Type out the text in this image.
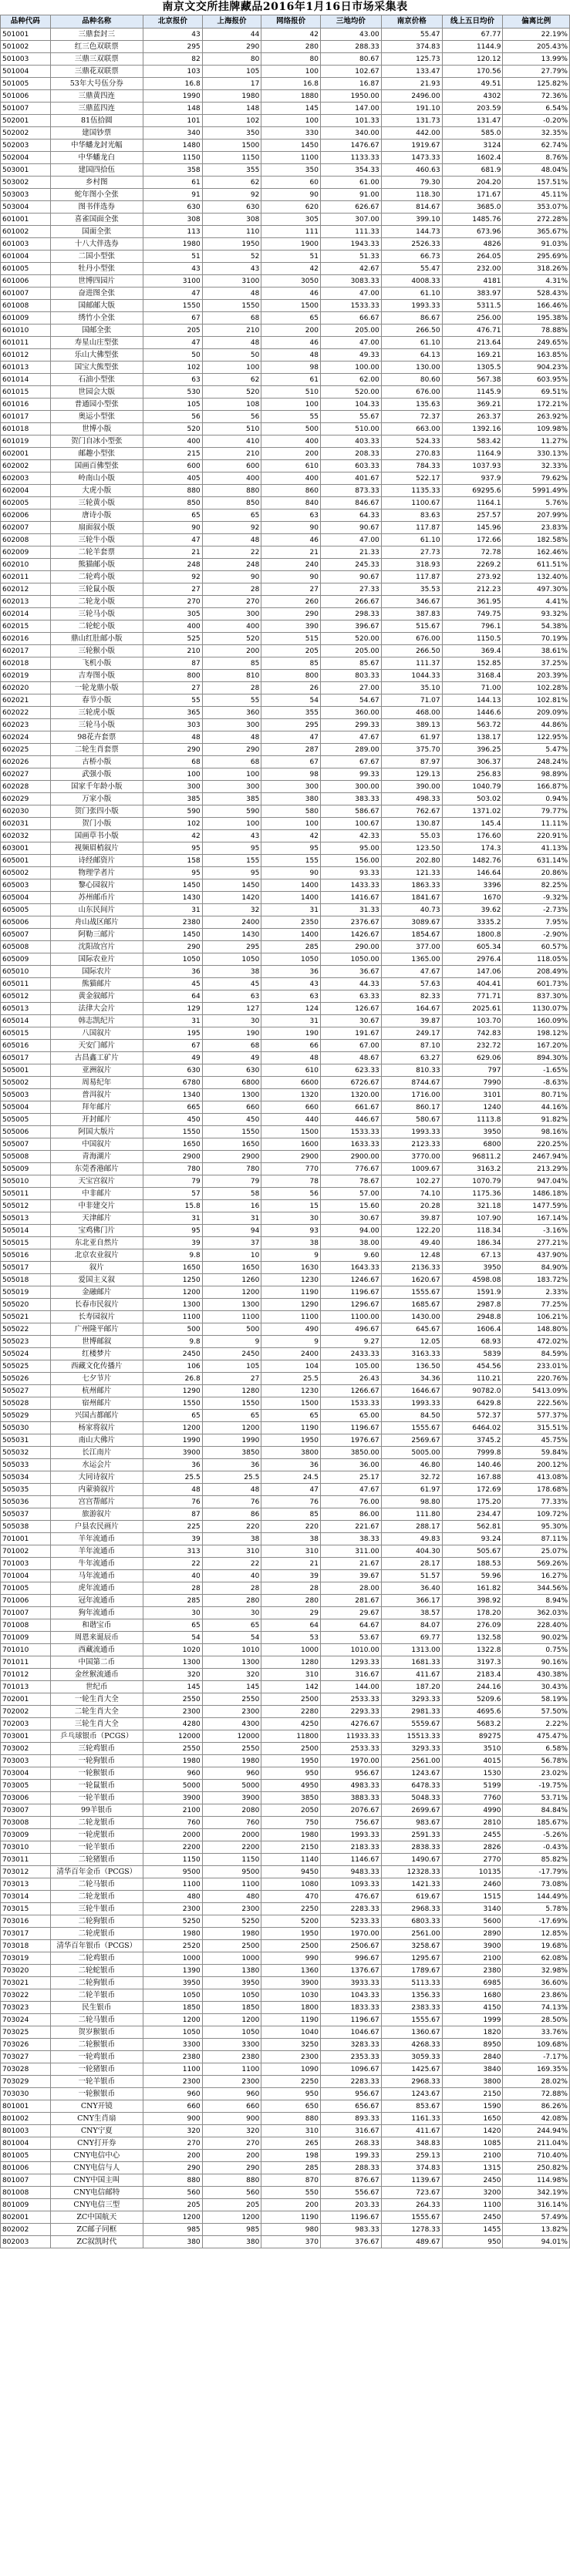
南京文交所挂牌藏品2016年1月16日市场采集表
品种代码	品种名称	北京报价	上海报价	网络报价	三地均价	南京价格	线上五日均价	偏离比例
501001	三鼎套封三	43	44	42	43.00	55.47	67.77	22.19%
501002	红三色双联票	295	290	280	288.33	374.83	1144.9	205.43%
501003	三鼎三双联票	82	80	80	80.67	125.73	120.12	13.99%
501004	三鼎花双联票	103	105	100	102.67	133.47	170.56	27.79%
501005	53年大号伍分券	16.8	17	16.8	16.87	21.93	49.51	125.82%
501006	三鼎黄四连	1990	1980	1880	1950.00	2496.00	4302	72.36%
501007	三鼎蓝四连	148	148	145	147.00	191.10	203.59	6.54%
502001	81伍拾圆	101	102	100	101.33	131.73	131.47	-0.20%
502002	建国钞票	340	350	330	340.00	442.00	585.0	32.35%
502003	中华蟠龙封光幅	1480	1500	1450	1476.67	1919.67	3124	62.74%
502004	中华蟠龙白	1150	1150	1100	1133.33	1473.33	1602.4	8.76%
503001	建国四拾伍	358	355	350	354.33	460.63	681.9	48.04%
503002	乡村图	61	62	60	61.00	79.30	204.20	157.51%
503003	蛇年图小全张	91	92	90	91.00	118.30	171.67	45.11%
503004	图书伴选券	630	630	620	626.67	814.67	3685.0	353.07%
601001	喜雀国面全张	308	308	305	307.00	399.10	1485.76	272.28%
601002	国面全张	113	110	111	111.33	144.73	673.96	365.67%
601003	十八大伴选券	1980	1950	1900	1943.33	2526.33	4826	91.03%
601004	二国小型张	51	52	51	51.33	66.73	264.05	295.69%
601005	牡丹小型张	43	43	42	42.67	55.47	232.00	318.26%
601006	世博四园片	3100	3100	3050	3083.33	4008.33	4181	4.31%
601007	奋进图全张	47	48	46	47.00	61.10	383.97	528.43%
601008	国邮邮大版	1550	1550	1500	1533.33	1993.33	5311.5	166.46%
601009	绣竹小全张	67	68	65	66.67	86.67	256.00	195.38%
601010	国邮全张	205	210	200	205.00	266.50	476.71	78.88%
601011	寿星山庄型张	47	48	46	47.00	61.10	213.64	249.65%
601012	乐山大佛型张	50	50	48	49.33	64.13	169.21	163.85%
601013	国宝大熊型张	102	100	98	100.00	130.00	1305.5	904.23%
601014	石油小型张	63	62	61	62.00	80.60	567.38	603.95%
601015	世园会大版	530	520	510	520.00	676.00	1145.9	69.51%
601016	普通园小型张	105	108	100	104.33	135.63	369.21	172.21%
601017	奥运小型张	56	56	55	55.67	72.37	263.37	263.92%
601018	世博小版	520	510	500	510.00	663.00	1392.16	109.98%
601019	贺门自冰小型张	400	410	400	403.33	524.33	583.42	11.27%
602001	邮趣小型张	215	210	200	208.33	270.83	1164.9	330.13%
602002	国画百佛型张	600	600	610	603.33	784.33	1037.93	32.33%
602003	岭南山小版	405	400	400	401.67	522.17	937.9	79.62%
602004	大虎小版	880	880	860	873.33	1135.33	69295.6	5991.49%
602005	三轮黄小版	850	850	840	846.67	1100.67	1164.1	5.76%
602006	唐诗小版	65	65	63	64.33	83.63	257.57	207.99%
602007	扇面叙小版	90	92	90	90.67	117.87	145.96	23.83%
602008	三轮牛小版	47	48	46	47.00	61.10	172.66	182.58%
602009	二轮羊套票	21	22	21	21.33	27.73	72.78	162.46%
602010	熊猫邮小版	248	248	240	245.33	318.93	2269.2	611.51%
602011	二轮鸡小版	92	90	90	90.67	117.87	273.92	132.40%
602012	三轮鼠小版	27	28	27	27.33	35.53	212.23	497.30%
602013	二轮龙小版	270	270	260	266.67	346.67	361.95	4.41%
602014	三轮马小版	305	300	290	298.33	387.83	749.75	93.32%
602015	二轮蛇小版	400	400	390	396.67	515.67	796.1	54.38%
602016	鼎山红肚邮小版	525	520	515	520.00	676.00	1150.5	70.19%
602017	三轮猴小版	210	200	205	205.00	266.50	369.4	38.61%
602018	飞机小版	87	85	85	85.67	111.37	152.85	37.25%
602019	吉寿图小版	800	810	800	803.33	1044.33	3168.4	203.39%
602020	一轮龙鼎小版	27	28	26	27.00	35.10	71.00	102.28%
602021	春节小版	55	55	54	54.67	71.07	144.13	102.81%
602022	三轮虎小版	365	360	355	360.00	468.00	1446.6	209.09%
602023	三轮马小版	303	300	295	299.33	389.13	563.72	44.86%
602024	98花卉套票	48	48	47	47.67	61.97	138.17	122.95%
602025	二轮生肖套票	290	290	287	289.00	375.70	396.25	5.47%
602026	古桥小版	68	68	67	67.67	87.97	306.37	248.24%
602027	武强小版	100	100	98	99.33	129.13	256.83	98.89%
602028	国家千年龄小版	300	300	300	300.00	390.00	1040.79	166.87%
602029	万家小版	385	385	380	383.33	498.33	503.02	0.94%
602030	贺门张四小版	590	590	580	586.67	762.67	1371.02	79.77%
602031	贺门小版	102	100	100	100.67	130.87	145.4	11.11%
602032	国画草书小版	42	43	42	42.33	55.03	176.60	220.91%
603001	视频眉梢叙片	95	95	95	95.00	123.50	174.3	41.13%
605001	诗经邮资片	158	155	155	156.00	202.80	1482.76	631.14%
605002	物理学者片	95	95	90	93.33	121.33	146.64	20.86%
605003	黎心园叙片	1450	1450	1400	1433.33	1863.33	3396	82.25%
605004	苏州邮币片	1430	1420	1400	1416.67	1841.67	1670	-9.32%
605005	山东民间片	31	32	31	31.33	40.73	39.62	-2.73%
605006	舟山战区邮片	2380	2400	2350	2376.67	3089.67	3335.2	7.95%
605007	阿勒三邮片	1450	1430	1400	1426.67	1854.67	1800.8	-2.90%
605008	沈阳故宫片	290	295	285	290.00	377.00	605.34	60.57%
605009	国际农业片	1050	1050	1050	1050.00	1365.00	2976.4	118.05%
605010	国际农片	36	38	36	36.67	47.67	147.06	208.49%
605011	熊猫邮片	45	45	43	44.33	57.63	404.41	601.73%
605012	黄金叙邮片	64	63	63	63.33	82.33	771.71	837.30%
605013	法律大会片	129	127	124	126.67	164.67	2025.61	1130.07%
605014	韩志凯纪片	31	30	31	30.67	39.87	103.70	160.09%
605015	八国叙片	195	190	190	191.67	249.17	742.83	198.12%
605016	天安门邮片	67	68	66	67.00	87.10	232.72	167.20%
605017	古昌鑫工矿片	49	49	48	48.67	63.27	629.06	894.30%
505001	亚洲叙片	630	630	610	623.33	810.33	797	-1.65%
505002	周易纪年	6780	6800	6600	6726.67	8744.67	7990	-8.63%
505003	普洱叙片	1340	1300	1320	1320.00	1716.00	3101	80.71%
505004	拜年邮片	665	660	660	661.67	860.17	1240	44.16%
505005	开封邮片	450	450	440	446.67	580.67	1113.8	91.82%
505006	阿国大版片	1550	1550	1500	1533.33	1993.33	3950	98.16%
505007	中国叙片	1650	1650	1600	1633.33	2123.33	6800	220.25%
505008	青海湖片	2900	2900	2900	2900.00	3770.00	96811.2	2467.94%
505009	东莞香港邮片	780	780	770	776.67	1009.67	3163.2	213.29%
505010	天宝宫叙片	79	79	78	78.67	102.27	1070.79	947.04%
505011	中非邮片	57	58	56	57.00	74.10	1175.36	1486.18%
505012	中非建交片	15.8	16	15	15.60	20.28	321.18	1477.59%
505013	天津邮片	31	31	30	30.67	39.87	107.90	167.14%
505014	宝鸡佛门片	95	94	93	94.00	122.20	118.34	-3.16%
505015	东北亚自然片	39	37	38	38.00	49.40	186.34	277.21%
505016	北京农业叙片	9.8	10	9	9.60	12.48	67.13	437.90%
505017	叙片	1650	1650	1630	1643.33	2136.33	3950	84.90%
505018	爱国主义叙	1250	1260	1230	1246.67	1620.67	4598.08	183.72%
505019	金融邮片	1200	1200	1190	1196.67	1555.67	1591.9	2.33%
505020	长春市民叙片	1300	1300	1290	1296.67	1685.67	2987.8	77.25%
505021	长寿园叙片	1100	1100	1100	1100.00	1430.00	2948.8	106.21%
505022	广州隆平邮片	500	500	490	496.67	645.67	1606.4	148.80%
505023	世博邮叙	9.8	9	9	9.27	12.05	68.93	472.02%
505024	红楼梦片	2450	2450	2400	2433.33	3163.33	5839	84.59%
505025	西藏文化传播片	106	105	104	105.00	136.50	454.56	233.01%
505026	七夕节片	26.8	27	25.5	26.43	34.36	110.21	220.76%
505027	杭州邮片	1290	1280	1230	1266.67	1646.67	90782.0	5413.09%
505028	宿州邮片	1550	1550	1500	1533.33	1993.33	6429.8	222.56%
505029	兴国古都邮片	65	65	65	65.00	84.50	572.37	577.37%
505030	杨家将叙片	1200	1200	1190	1196.67	1555.67	6464.02	315.51%
505031	南山大佛片	1990	1990	1950	1976.67	2569.67	3745.2	45.75%
505032	长江南片	3900	3850	3800	3850.00	5005.00	7999.8	59.84%
505033	水运会片	36	36	36	36.00	46.80	140.46	200.12%
505034	大同诗叙片	25.5	25.5	24.5	25.17	32.72	167.88	413.08%
505035	内蒙骑叙片	48	48	47	47.67	61.97	172.69	178.68%
505036	宫宫帮邮片	76	76	76	76.00	98.80	175.20	77.33%
505037	旅游叙片	87	86	85	86.00	111.80	234.47	109.72%
505038	户县农民画片	225	220	220	221.67	288.17	562.81	95.30%
701001	羊年流通币	39	38	38	38.33	49.83	93.24	87.11%
701002	羊年流通币	313	310	310	311.00	404.30	505.67	25.07%
701003	牛年流通币	22	22	21	21.67	28.17	188.53	569.26%
701004	马年流通币	40	40	39	39.67	51.57	59.96	16.27%
701005	虎年流通币	28	28	28	28.00	36.40	161.82	344.56%
701006	冠年流通币	285	280	280	281.67	366.17	398.92	8.94%
701007	狗年流通币	30	30	29	29.67	38.57	178.20	362.03%
701008	和谐宝币	65	65	64	64.67	84.07	276.09	228.40%
701009	周恩来诞辰币	54	54	53	53.67	69.77	132.58	90.02%
701010	西藏流通币	1020	1010	1000	1010.00	1313.00	1322.8	0.75%
701011	中国第二币	1300	1300	1280	1293.33	1681.33	3197.3	90.16%
701012	金丝猴流通币	320	320	310	316.67	411.67	2183.4	430.38%
701013	世纪币	145	145	142	144.00	187.20	244.16	30.43%
702001	一轮生肖大全	2550	2550	2500	2533.33	3293.33	5209.6	58.19%
702002	二轮生肖大全	2300	2300	2280	2293.33	2981.33	4695.6	57.50%
702003	三轮生肖大全	4280	4300	4250	4276.67	5559.67	5683.2	2.22%
703001	乒乓球银币（PCGS）	12000	12000	11800	11933.33	15513.33	89275	475.47%
703002	三轮鸡银币	2550	2550	2500	2533.33	3293.33	3510	6.58%
703003	一轮狗银币	1980	1980	1950	1970.00	2561.00	4015	56.78%
703004	一轮猴银币	960	960	950	956.67	1243.67	1530	23.02%
703005	一轮鼠银币	5000	5000	4950	4983.33	6478.33	5199	-19.75%
703006	一轮羊银币	3900	3900	3850	3883.33	5048.33	7760	53.71%
703007	99羊银币	2100	2080	2050	2076.67	2699.67	4990	84.84%
703008	二轮龙银币	760	760	750	756.67	983.67	2810	185.67%
703009	一轮虎银币	2000	2000	1980	1993.33	2591.33	2455	-5.26%
703010	一轮羊银币	2200	2200	2150	2183.33	2838.33	2826	-0.43%
703011	二轮猪银币	1150	1150	1140	1146.67	1490.67	2770	85.82%
703012	清华百年金币（PCGS）	9500	9500	9450	9483.33	12328.33	10135	-17.79%
703013	二轮马银币	1100	1100	1080	1093.33	1421.33	2460	73.08%
703014	二轮龙银币	480	480	470	476.67	619.67	1515	144.49%
703015	三轮牛银币	2300	2300	2250	2283.33	2968.33	3140	5.78%
703016	二轮狗银币	5250	5250	5200	5233.33	6803.33	5600	-17.69%
703017	二轮虎银币	1980	1980	1950	1970.00	2561.00	2890	12.85%
703018	清华百年银币（PCGS）	2520	2500	2500	2506.67	3258.67	3900	19.68%
703019	二轮鸡银币	1000	1000	990	996.67	1295.67	2100	62.08%
703020	二轮蛇银币	1390	1380	1360	1376.67	1789.67	2380	32.98%
703021	二轮狗银币	3950	3950	3900	3933.33	5113.33	6985	36.60%
703022	二轮羊银币	1050	1050	1030	1043.33	1356.33	1680	23.86%
703023	民生银币	1850	1850	1800	1833.33	2383.33	4150	74.13%
703024	二轮马银币	1200	1200	1190	1196.67	1555.67	1999	28.50%
703025	贺岁猴银币	1050	1050	1040	1046.67	1360.67	1820	33.76%
703026	二轮猴银币	3300	3300	3250	3283.33	4268.33	8950	109.68%
703027	一轮鸡银币	2380	2380	2300	2353.33	3059.33	2840	-7.17%
703028	一轮猪银币	1100	1100	1090	1096.67	1425.67	3840	169.35%
703029	一轮羊银币	2300	2300	2250	2283.33	2968.33	3800	28.02%
703030	一轮猴银币	960	960	950	956.67	1243.67	2150	72.88%
801001	CNY开镜	660	660	650	656.67	853.67	1590	86.26%
801002	CNY生肖扇	900	900	880	893.33	1161.33	1650	42.08%
801003	CNY宁夏	320	320	310	316.67	411.67	1420	244.94%
801004	CNY打开券	270	270	265	268.33	348.83	1085	211.04%
801005	CNY电信中心	200	200	198	199.33	259.13	2100	710.40%
801006	CNY电信与人	290	290	285	288.33	374.83	1315	250.82%
801007	CNY中国主叫	880	880	870	876.67	1139.67	2450	114.98%
801008	CNY电信邮特	560	560	550	556.67	723.67	3200	342.19%
801009	CNY电信三型	205	205	200	203.33	264.33	1100	316.14%
802001	ZC中国航天	1200	1200	1190	1196.67	1555.67	2450	57.49%
802002	ZC邮子同框	985	985	980	983.33	1278.33	1455	13.82%
802003	ZC叙凯时代	380	380	370	376.67	489.67	950	94.01%
